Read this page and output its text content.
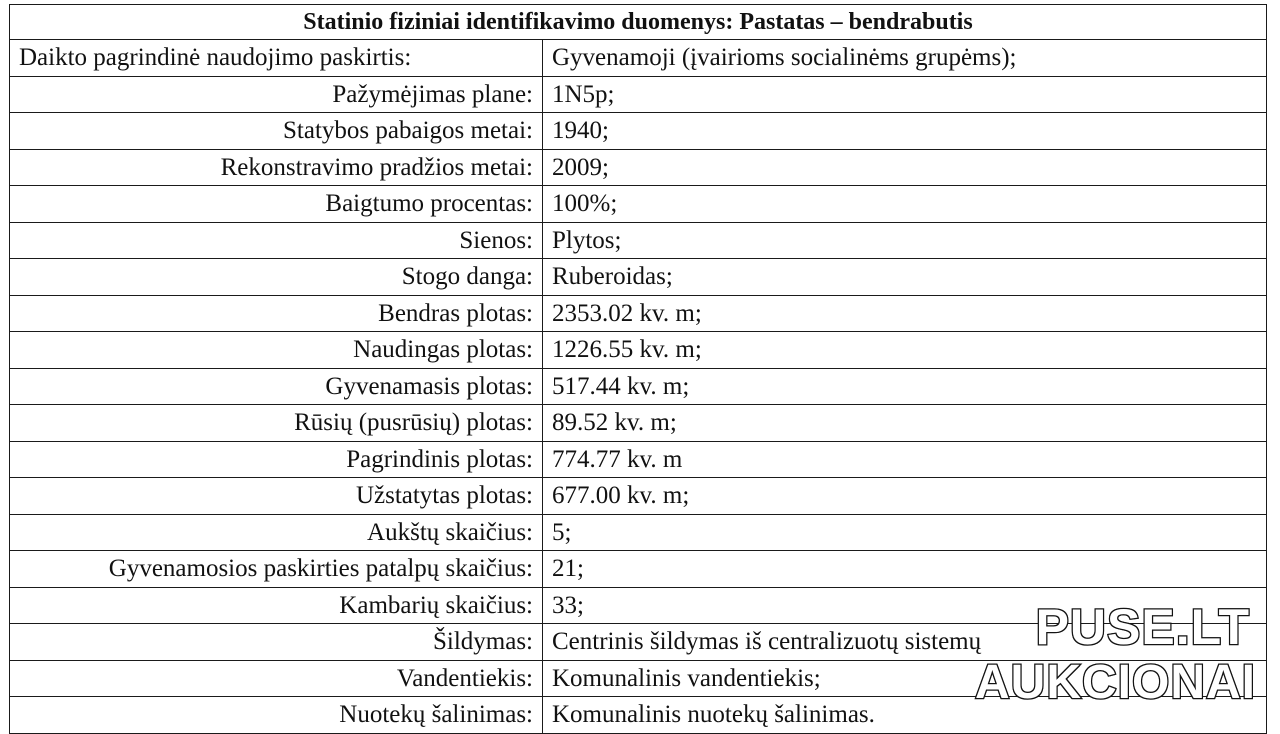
Statinio fiziniai identifikavimo duomenys: Pastatas – bendrabutis	
Daikto pagrindinė naudojimo paskirtis:	Gyvenamoji (įvairioms socialinėms grupėms);
Pažymėjimas plane:	1N5p;
Statybos pabaigos metai:	1940;
Rekonstravimo pradžios metai:	2009;
Baigtumo procentas:	100%;
Sienos:	Plytos;
Stogo danga:	Ruberoidas;
Bendras plotas:	2353.02 kv. m;
Naudingas plotas:	1226.55 kv. m;
Gyvenamasis plotas:	517.44 kv. m;
Rūsių (pusrūsių) plotas:	89.52 kv. m;
Pagrindinis plotas:	774.77 kv. m
Užstatytas plotas:	677.00 kv. m;
Aukštų skaičius:	5;
Gyvenamosios paskirties patalpų skaičius:	21;
Kambarių skaičius:	33;
Šildymas:	Centrinis šildymas iš centralizuotų sistemų
Vandentiekis:	Komunalinis vandentiekis;
Nuotekų šalinimas:	Komunalinis nuotekų šalinimas.
PUSE.LT
AUKCIONAI
